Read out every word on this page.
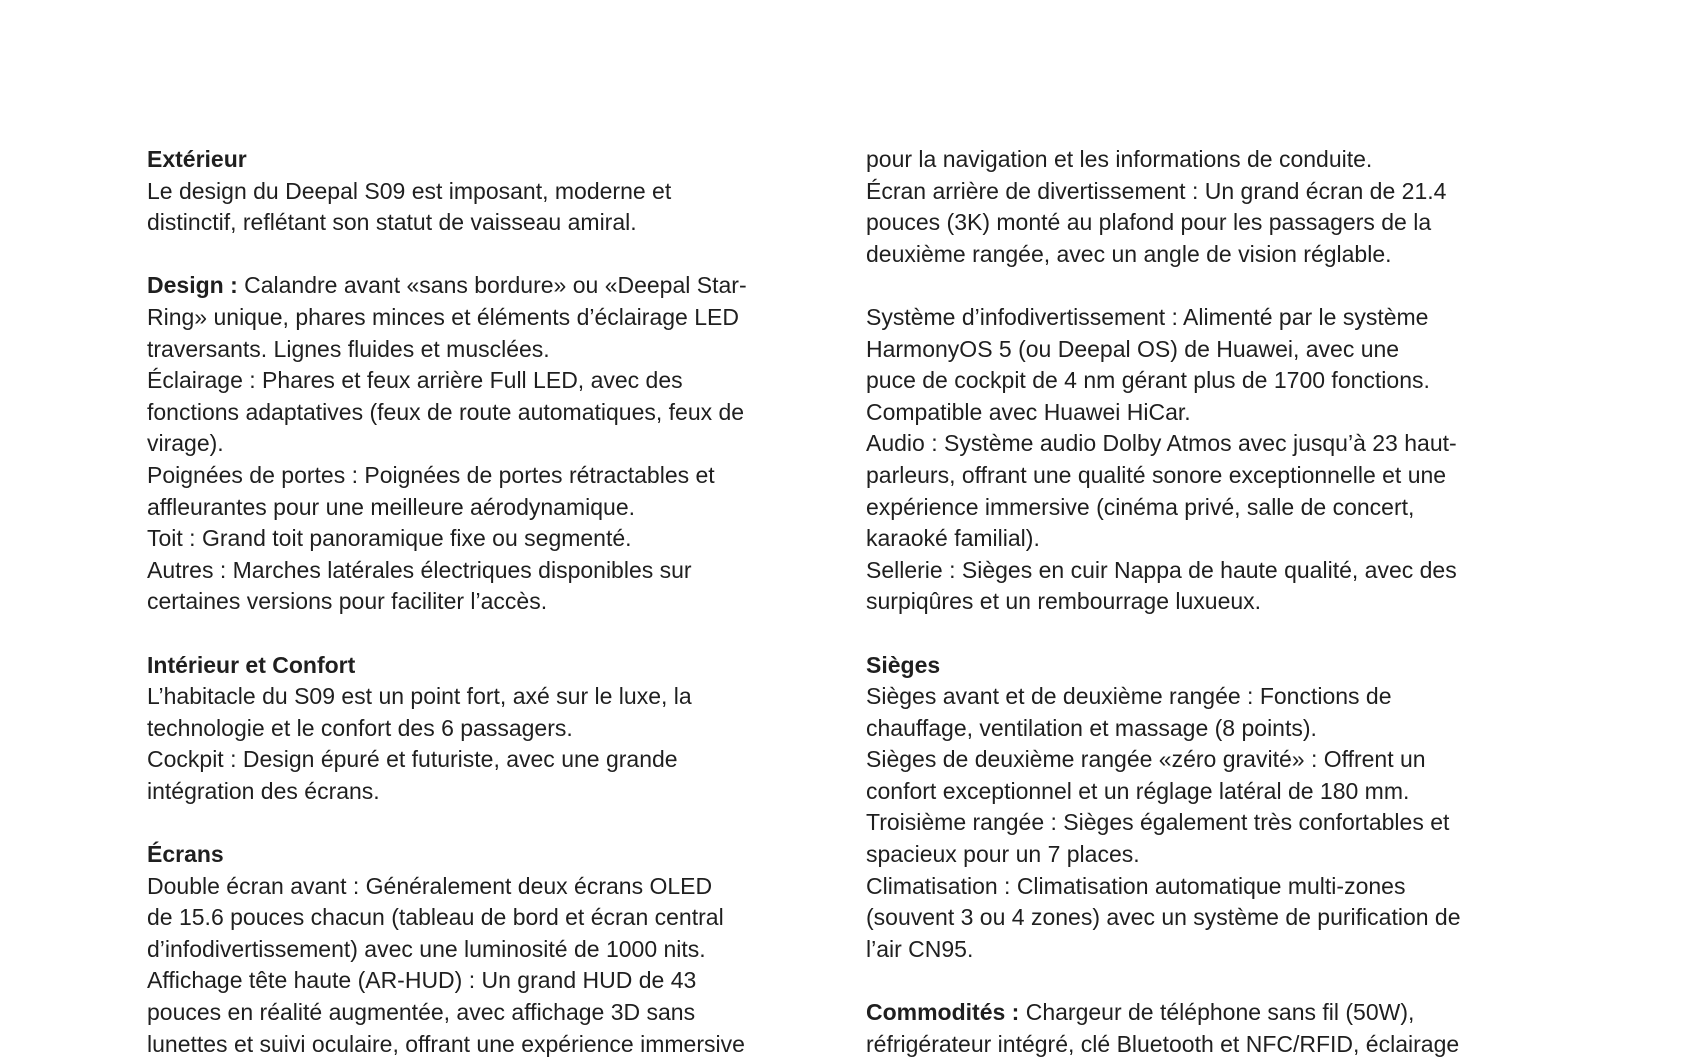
Extérieur
Le design du Deepal S09 est imposant, moderne et
distinctif, reflétant son statut de vaisseau amiral.
Design : Calandre avant «sans bordure» ou «Deepal Star-
Ring» unique, phares minces et éléments d’éclairage LED
traversants. Lignes fluides et musclées.
Éclairage : Phares et feux arrière Full LED, avec des
fonctions adaptatives (feux de route automatiques, feux de
virage).
Poignées de portes : Poignées de portes rétractables et
affleurantes pour une meilleure aérodynamique.
Toit : Grand toit panoramique fixe ou segmenté.
Autres : Marches latérales électriques disponibles sur
certaines versions pour faciliter l’accès.
Intérieur et Confort
L’habitacle du S09 est un point fort, axé sur le luxe, la
technologie et le confort des 6 passagers.
Cockpit : Design épuré et futuriste, avec une grande
intégration des écrans.
Écrans
Double écran avant : Généralement deux écrans OLED
de 15.6 pouces chacun (tableau de bord et écran central
d’infodivertissement) avec une luminosité de 1000 nits.
Affichage tête haute (AR-HUD) : Un grand HUD de 43
pouces en réalité augmentée, avec affichage 3D sans
lunettes et suivi oculaire, offrant une expérience immersive
pour la navigation et les informations de conduite.
Écran arrière de divertissement : Un grand écran de 21.4
pouces (3K) monté au plafond pour les passagers de la
deuxième rangée, avec un angle de vision réglable.
Système d’infodivertissement : Alimenté par le système
HarmonyOS 5 (ou Deepal OS) de Huawei, avec une
puce de cockpit de 4 nm gérant plus de 1700 fonctions.
Compatible avec Huawei HiCar.
Audio : Système audio Dolby Atmos avec jusqu’à 23 haut-
parleurs, offrant une qualité sonore exceptionnelle et une
expérience immersive (cinéma privé, salle de concert,
karaoké familial).
Sellerie : Sièges en cuir Nappa de haute qualité, avec des
surpiqûres et un rembourrage luxueux.
Sièges
Sièges avant et de deuxième rangée : Fonctions de
chauffage, ventilation et massage (8 points).
Sièges de deuxième rangée «zéro gravité» : Offrent un
confort exceptionnel et un réglage latéral de 180 mm.
Troisième rangée : Sièges également très confortables et
spacieux pour un 7 places.
Climatisation : Climatisation automatique multi-zones
(souvent 3 ou 4 zones) avec un système de purification de
l’air CN95.
Commodités : Chargeur de téléphone sans fil (50W),
réfrigérateur intégré, clé Bluetooth et NFC/RFID, éclairage
